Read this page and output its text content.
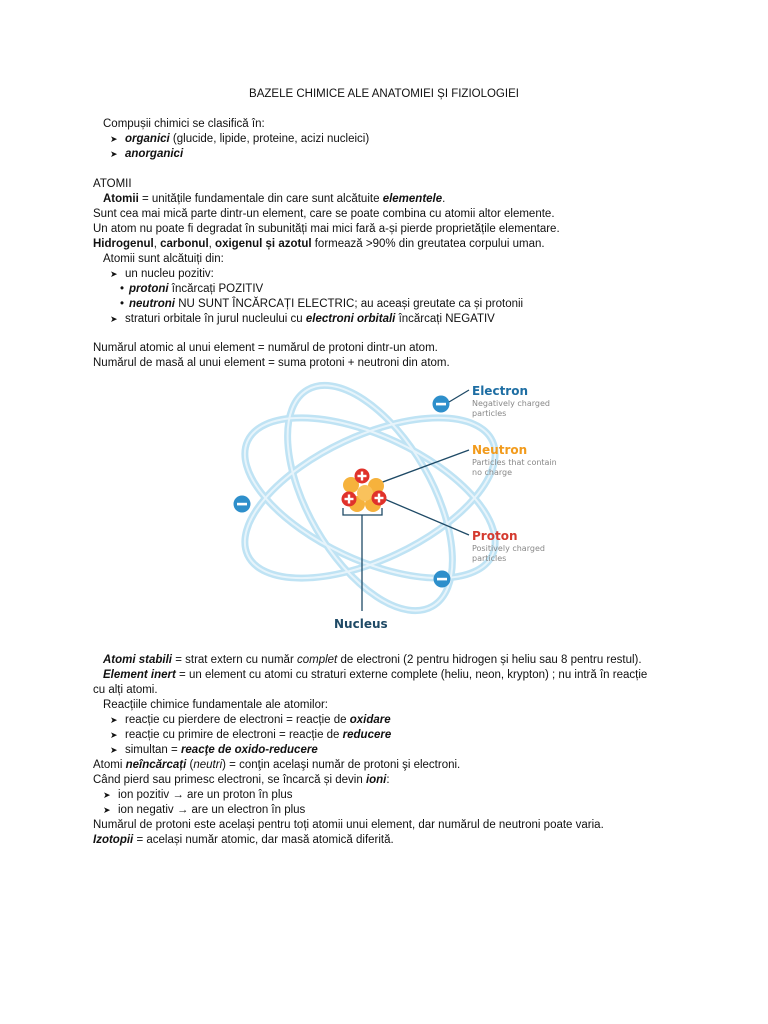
BAZELE CHIMICE ALE ANATOMIEI ȘI FIZIOLOGIEI
Compușii chimici se clasifică în:
➤ organici (glucide, lipide, proteine, acizi nucleici)
➤ anorganici
ATOMII
Atomii = unitățile fundamentale din care sunt alcătuite elementele.
Sunt cea mai mică parte dintr-un element, care se poate combina cu atomii altor elemente.
Un atom nu poate fi degradat în subunități mai mici fară a-și pierde proprietățile elementare.
Hidrogenul, carbonul, oxigenul și azotul formează >90% din greutatea corpului uman.
Atomii sunt alcătuiți din:
➤ un nucleu pozitiv:
• protoni încărcați POZITIV
• neutroni NU SUNT ÎNCĂRCAȚI ELECTRIC; au aceași greutate ca și protonii
➤ straturi orbitale în jurul nucleului cu electroni orbitali încărcați NEGATIV
Numărul atomic al unui element = numărul de protoni dintr-un atom.
Numărul de masă al unui element = suma protoni + neutroni din atom.
Electron
Negatively charged
particles
Neutron
Particles that contain
no charge
Proton
Positively charged
particles
Nucleus
Atomi stabili = strat extern cu număr complet de electroni (2 pentru hidrogen și heliu sau 8 pentru restul).
Element inert = un element cu atomi cu straturi externe complete (heliu, neon, krypton) ; nu intră în reacție
cu alți atomi.
Reacțiile chimice fundamentale ale atomilor:
➤ reacție cu pierdere de electroni = reacție de oxidare
➤ reacție cu primire de electroni = reacție de reducere
➤ simultan = reacţe de oxido-reducere
Atomi neîncărcați (neutri) = conţin acelaşi număr de protoni şi electroni.
Când pierd sau primesc electroni, se încarcă și devin ioni:
➤ ion pozitiv → are un proton în plus
➤ ion negativ → are un electron în plus
Numărul de protoni este același pentru toți atomii unui element, dar numărul de neutroni poate varia.
Izotopii = același număr atomic, dar masă atomică diferită.
